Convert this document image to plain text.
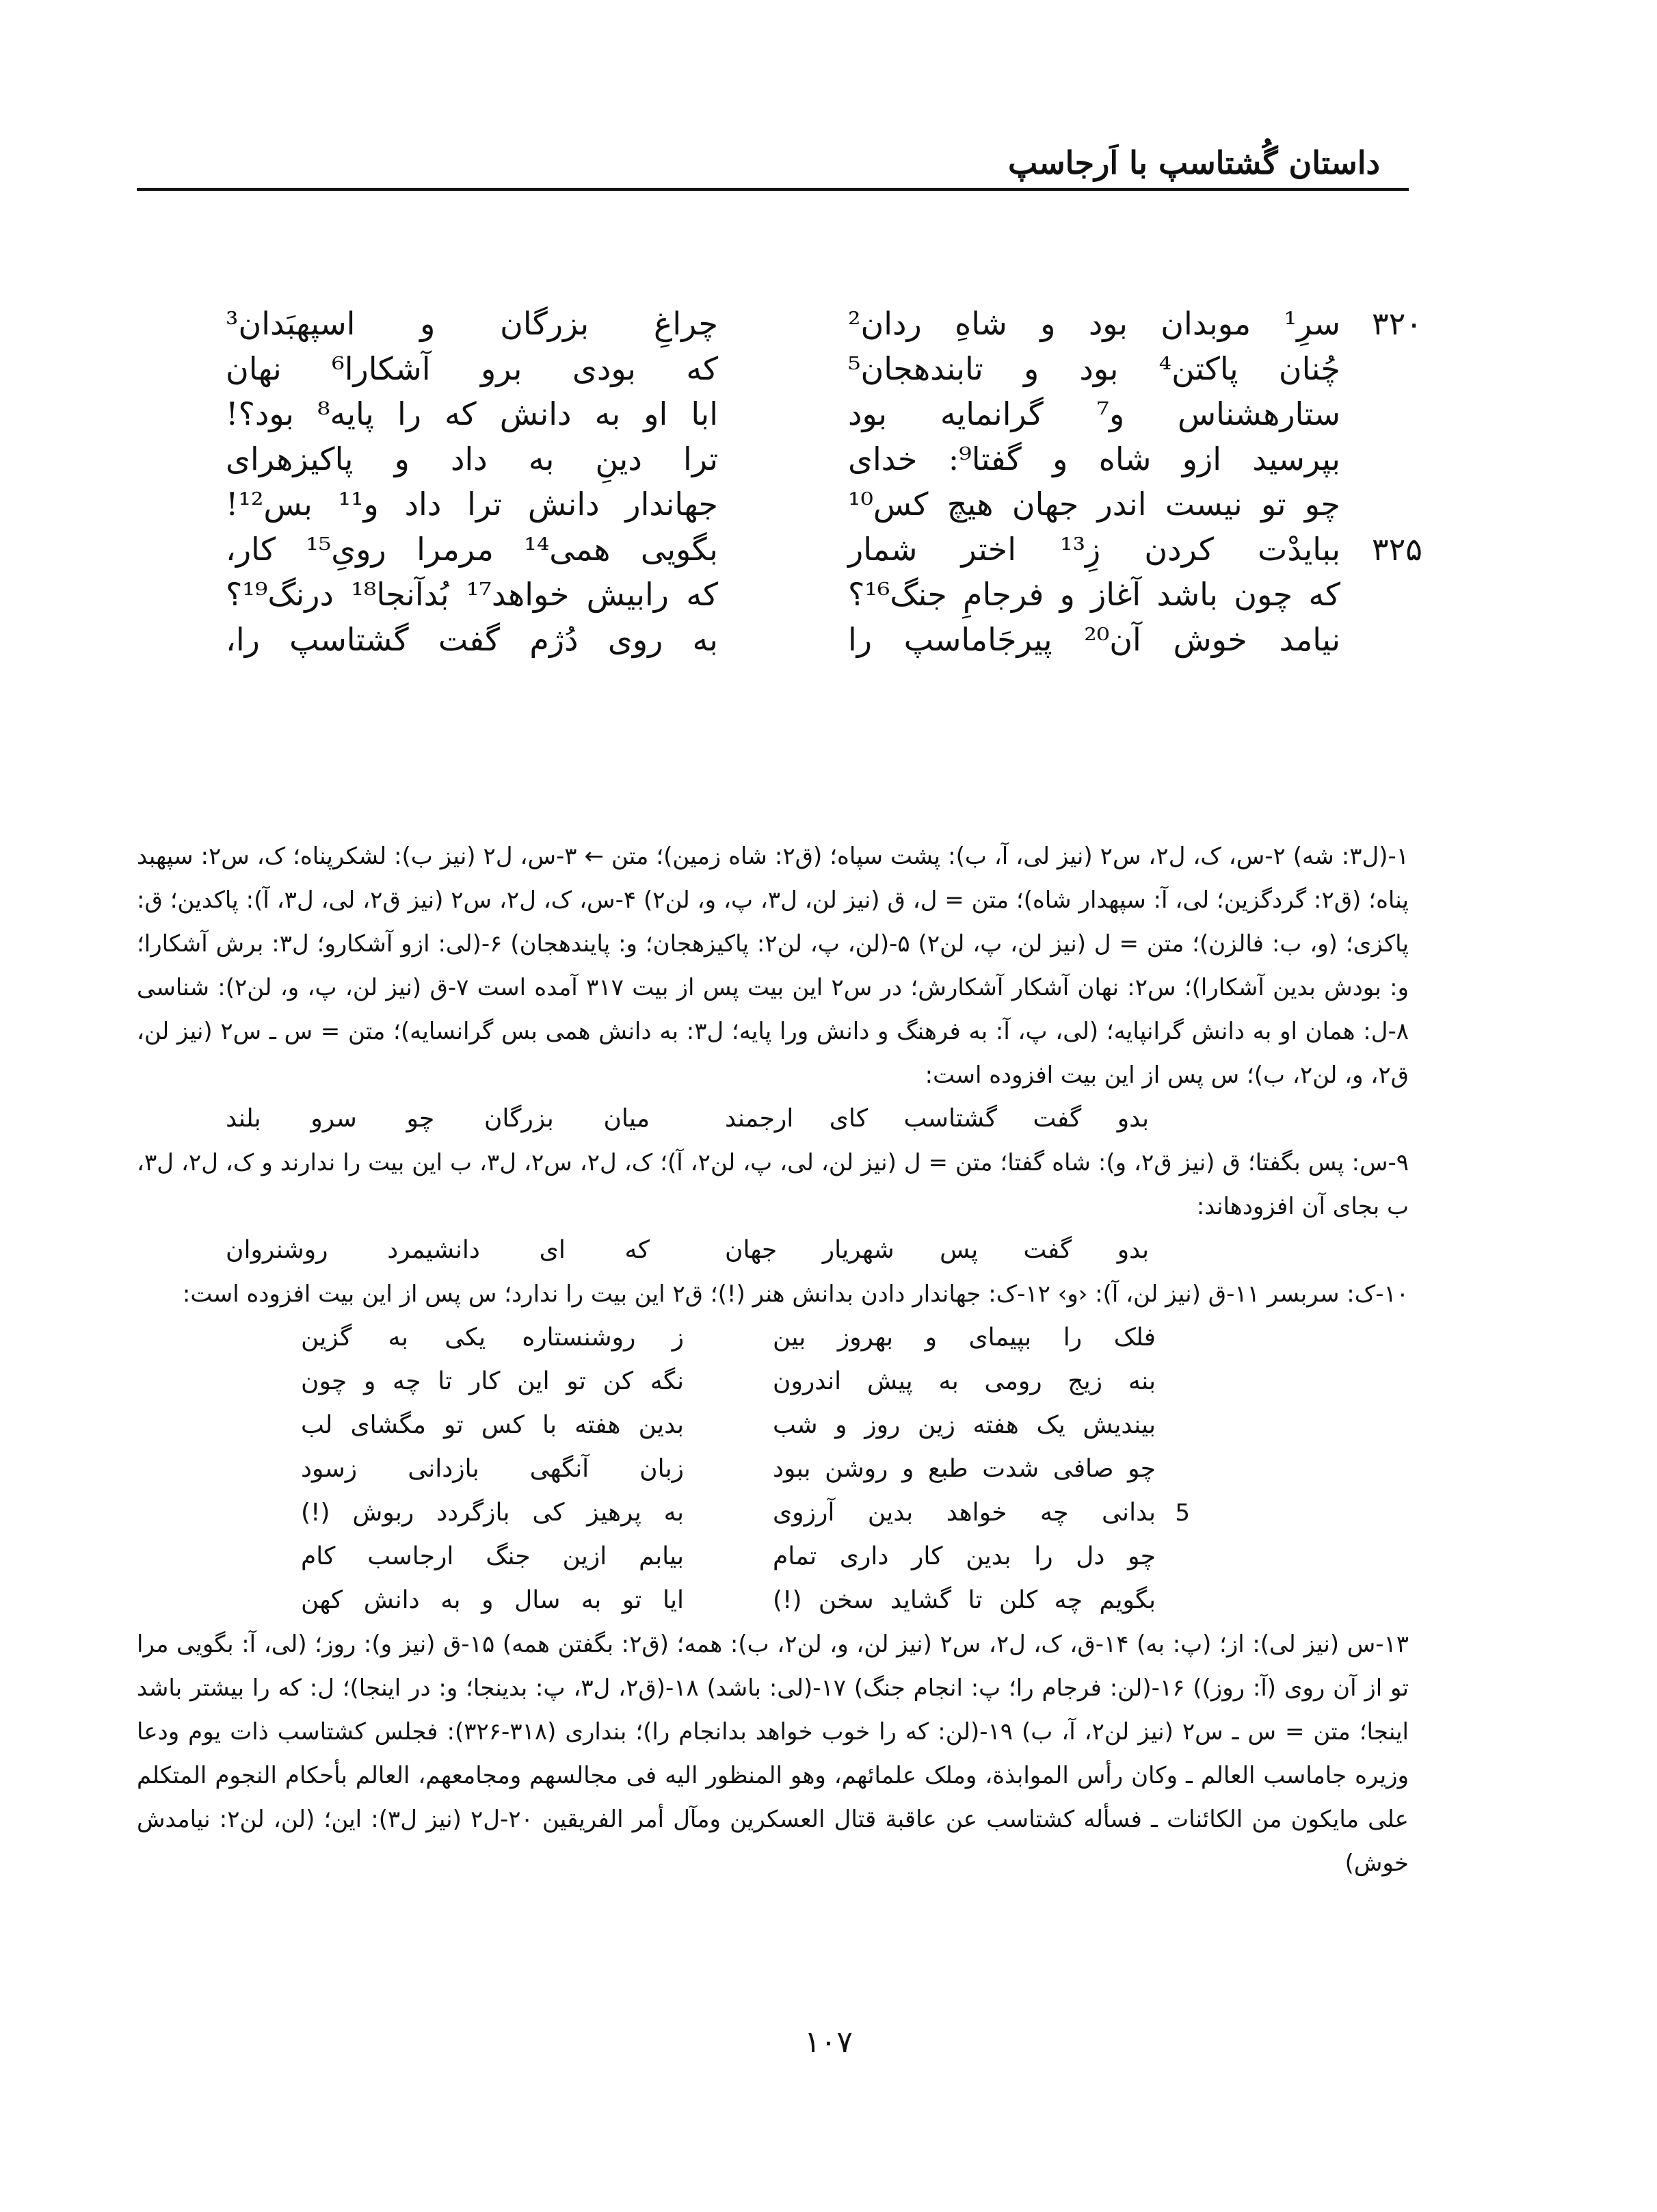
داستان گُشتاسپ با اَرجاسپ
۳۲۰
سرِ¹ موبدان بود و شاهِ ردان²
چراغِ بزرگان و اسپهبَدان³
چُنان پاکتن⁴ بود و تابندهجان⁵
که بودی برو آشکارا⁶ نهان
ستارهشناس و⁷ گرانمایه بود
ابا او به دانش که را پایه⁸ بود؟!
بپرسید ازو شاه و گفتا⁹: خدای
ترا دینِ به داد و پاکیزهرای
چو تو نیست اندر جهان هیچ کس¹⁰
جهاندار دانش ترا داد و¹¹ بس¹²!
۳۲۵
ببایدْت کردن زِ¹³ اختر شمار
بگویی همی¹⁴ مرمرا رویِ¹⁵ کار،
که چون باشد آغاز و فرجامِ جنگ¹⁶؟
که رابیش خواهد¹⁷ بُدآنجا¹⁸ درنگ¹⁹؟
نیامد خوش آن²⁰ پیرجَاماسپ را
به روی دُژم گفت گشتاسپ را،

۱-(ل۳: شه) ۲-س، ک، ل۲، س۲ (نیز لی، آ، ب): پشت سپاه؛ (ق۲: شاه زمین)؛ متن ← ۳-س، ل۲ (نیز ب): لشکرپناه؛ ک، س۲: سپهبد پناه؛ (ق۲: گردگزین؛ لی، آ: سپهدار شاه)؛ متن = ل، ق (نیز لن، ل۳، پ، و، لن۲) ۴-س، ک، ل۲، س۲ (نیز ق۲، لی، ل۳، آ): پاکدین؛ ق: پاکزی؛ (و، ب: فالزن)؛ متن = ل (نیز لن، پ، لن۲) ۵-(لن، پ، لن۲: پاکیزهجان؛ و: پایندهجان) ۶-(لی: ازو آشکارو؛ ل۳: برش آشکارا؛ و: بودش بدین آشکارا)؛ س۲: نهان آشکار آشکارش؛ در س۲ این بیت پس از بیت ۳۱۷ آمده است ۷-ق (نیز لن، پ، و، لن۲): شناسی ۸-ل: همان او به دانش گرانپایه؛ (لی، پ، آ: به فرهنگ و دانش ورا پایه؛ ل۳: به دانش همی بس گرانسایه)؛ متن = س ـ س۲ (نیز لن، ق۲، و، لن۲، ب)؛ س پس از این بیت افزوده است:

بدو گفت گشتاسب کای ارجمند
میان بزرگان چو سرو بلند

۹-س: پس بگفتا؛ ق (نیز ق۲، و): شاه گفتا؛ متن = ل (نیز لن، لی، پ، لن۲، آ)؛ ک، ل۲، س۲، ل۳، ب این بیت را ندارند و ک، ل۲، ل۳، ب بجای آن افزودهاند:

بدو گفت پس شهریار جهان
که ای دانشیمرد روشنروان

۱۰-ک: سربسر ۱۱-ق (نیز لن، آ): ‹و› ۱۲-ک: جهاندار دادن بدانش هنر (!)؛ ق۲ این بیت را ندارد؛ س پس از این بیت افزوده است:

فلک را بپیمای و بهروز بین
ز روشنستاره یکی به گزین
بنه زیج رومی به پیش اندرون
نگه کن تو این کار تا چه و چون
بیندیش یک هفته زین روز و شب
بدین هفته با کس تو مگشای لب
چو صافی شدت طبع و روشن ببود
زبان آنگهی بازدانی زسود
5
بدانی چه خواهد بدین آرزوی
به پرهیز کی بازگردد ربوش (!)
چو دل را بدین کار داری تمام
بیابم ازین جنگ ارجاسب کام
بگویم چه کلن تا گشاید سخن (!)
ایا تو به سال و به دانش کهن

۱۳-س (نیز لی): از؛ (پ: به) ۱۴-ق، ک، ل۲، س۲ (نیز لن، و، لن۲، ب): همه؛ (ق۲: بگفتن همه) ۱۵-ق (نیز و): روز؛ (لی، آ: بگویی مرا تو از آن روی (آ: روز)) ۱۶-(لن: فرجام را؛ پ: انجام جنگ) ۱۷-(لی: باشد) ۱۸-(ق۲، ل۳، پ: بدینجا؛ و: در اینجا)؛ ل: که را بیشتر باشد اینجا؛ متن = س ـ س۲ (نیز لن۲، آ، ب) ۱۹-(لن: که را خوب خواهد بدانجام را)؛ بنداری (۳۱۸-۳۲۶): فجلس کشتاسب ذات یوم ودعا وزیره جاماسب العالم ـ وکان رأس الموابذة، وملک علمائهم، وهو المنظور الیه فی مجالسهم ومجامعهم، العالم بأحکام النجوم المتکلم علی مایکون من الکائنات ـ فسأله کشتاسب عن عاقبة قتال العسکرین ومآل أمر الفریقین ۲۰-ل۲ (نیز ل۳): این؛ (لن، لن۲: نیامدش خوش)

۱۰۷
